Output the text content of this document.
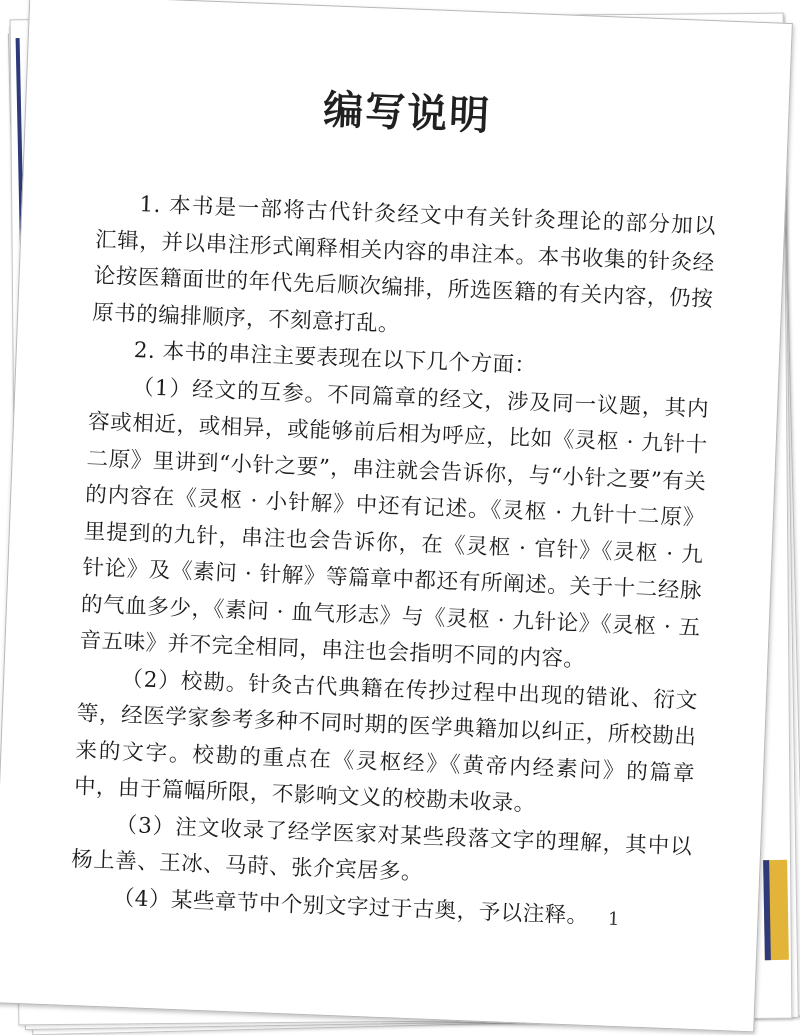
编写说明

1. 本书是一部将古代针灸经文中有关针灸理论的部分加以汇辑，并以串注形式阐释相关内容的串注本。本书收集的针灸经论按医籍面世的年代先后顺次编排，所选医籍的有关内容，仍按原书的编排顺序，不刻意打乱。

2. 本书的串注主要表现在以下几个方面：

（1）经文的互参。不同篇章的经文，涉及同一议题，其内容或相近，或相异，或能够前后相为呼应，比如《灵枢 · 九针十二原》里讲到“小针之要”，串注就会告诉你，与“小针之要”有关的内容在《灵枢 · 小针解》中还有记述。《灵枢 · 九针十二原》里提到的九针，串注也会告诉你，在《灵枢 · 官针》《灵枢 · 九针论》及《素问 · 针解》等篇章中都还有所阐述。关于十二经脉的气血多少，《素问 · 血气形志》与《灵枢 · 九针论》《灵枢 · 五音五味》并不完全相同，串注也会指明不同的内容。

（2）校勘。针灸古代典籍在传抄过程中出现的错讹、衍文等，经医学家参考多种不同时期的医学典籍加以纠正，所校勘出来的文字。校勘的重点在《灵枢经》《黄帝内经素问》的篇章中，由于篇幅所限，不影响文义的校勘未收录。

（3）注文收录了经学医家对某些段落文字的理解，其中以杨上善、王冰、马莳、张介宾居多。

（4）某些章节中个别文字过于古奥，予以注释。	1
